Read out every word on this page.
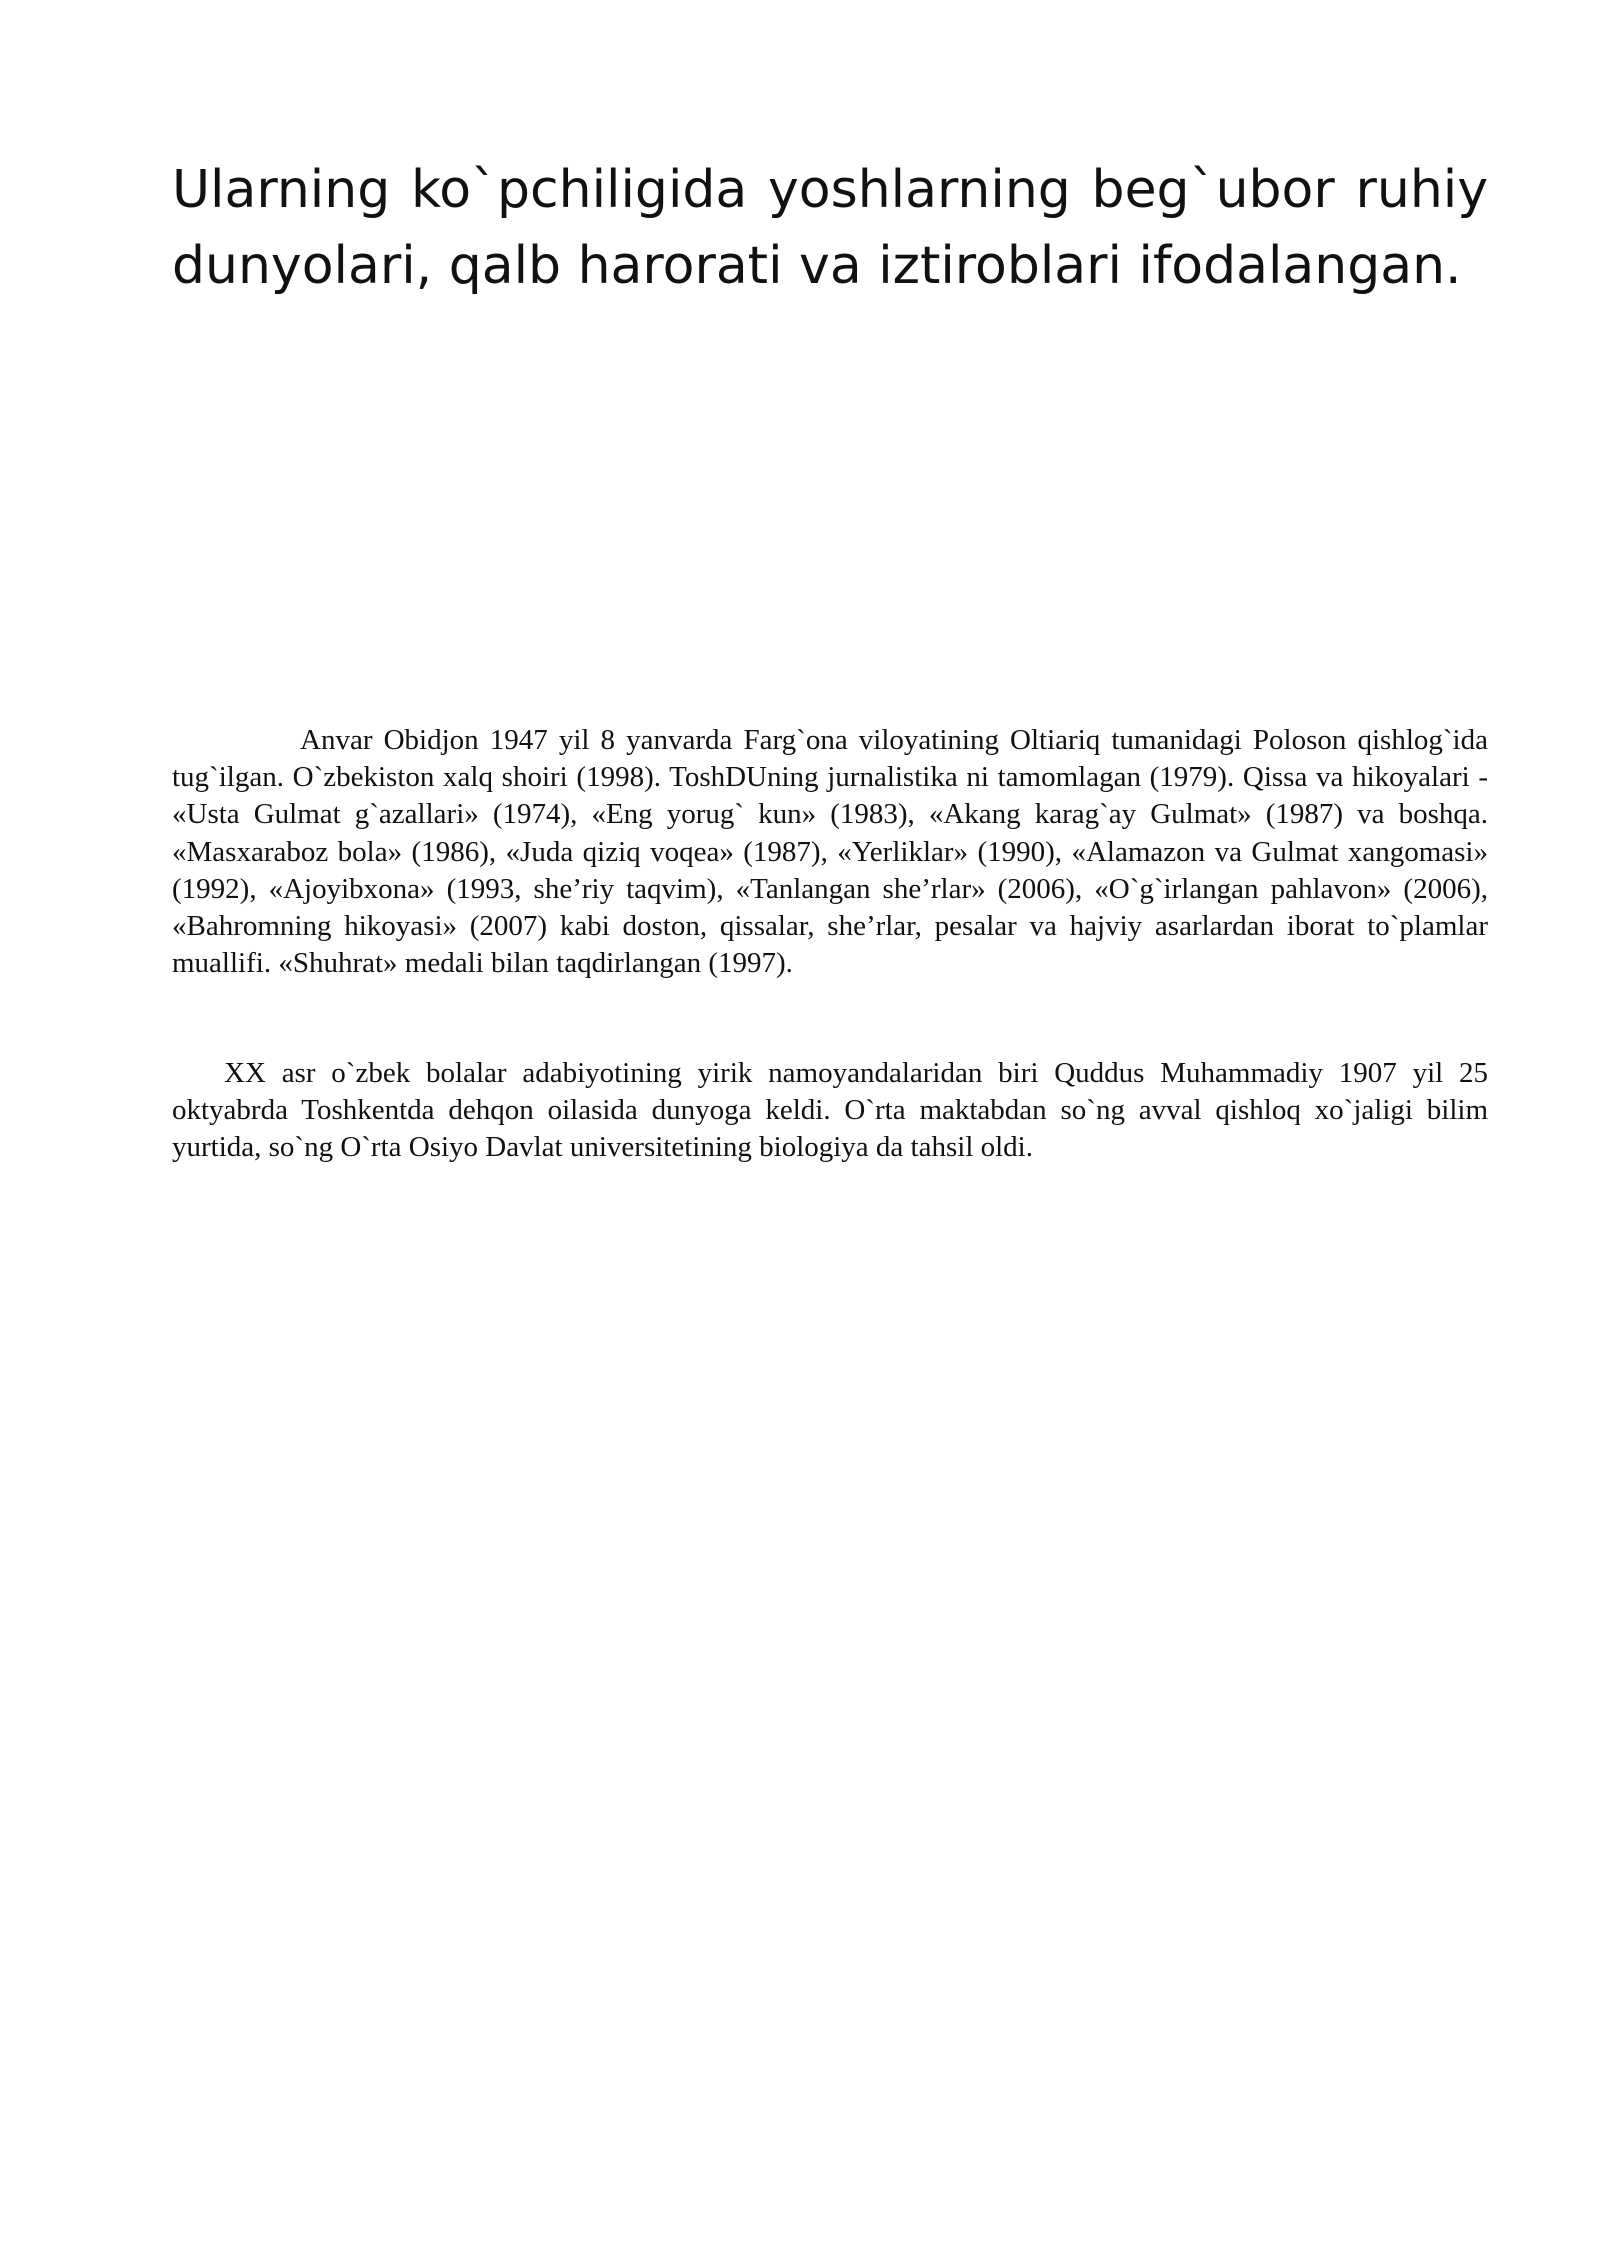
Ularning ko`pchiligida yoshlarning beg`ubor ruhiy dunyolari, qalb harorati va iztiroblari ifodalangan.

Anvar Obidjon 1947 yil 8 yanvarda Farg`ona viloyatining Oltiariq tumanidagi Poloson qishlog`ida tug`ilgan. O`zbekiston xalq shoiri (1998). ToshDUning jurnalistika ni tamomlagan (1979). Qissa va hikoyalari - «Usta Gulmat g`azallari» (1974), «Eng yorug` kun» (1983), «Akang karag`ay Gulmat» (1987) va boshqa. «Masxaraboz bola» (1986), «Juda qiziq voqea» (1987), «Yerliklar» (1990), «Alamazon va Gulmat xangomasi» (1992), «Ajoyibxona» (1993, she’riy taqvim), «Tanlangan she’rlar» (2006), «O`g`irlangan pahlavon» (2006), «Bahromning hikoyasi» (2007) kabi doston, qissalar, she’rlar, pesalar va hajviy asarlardan iborat to`plamlar muallifi. «Shuhrat» medali bilan taqdirlangan (1997).

XX asr o`zbek bolalar adabiyotining yirik namoyandalaridan biri Quddus Muhammadiy 1907 yil 25 oktyabrda Toshkentda dehqon oilasida dunyoga keldi. O`rta maktabdan so`ng avval qishloq xo`jaligi bilim yurtida, so`ng O`rta Osiyo Davlat universitetining biologiya da tahsil oldi.
